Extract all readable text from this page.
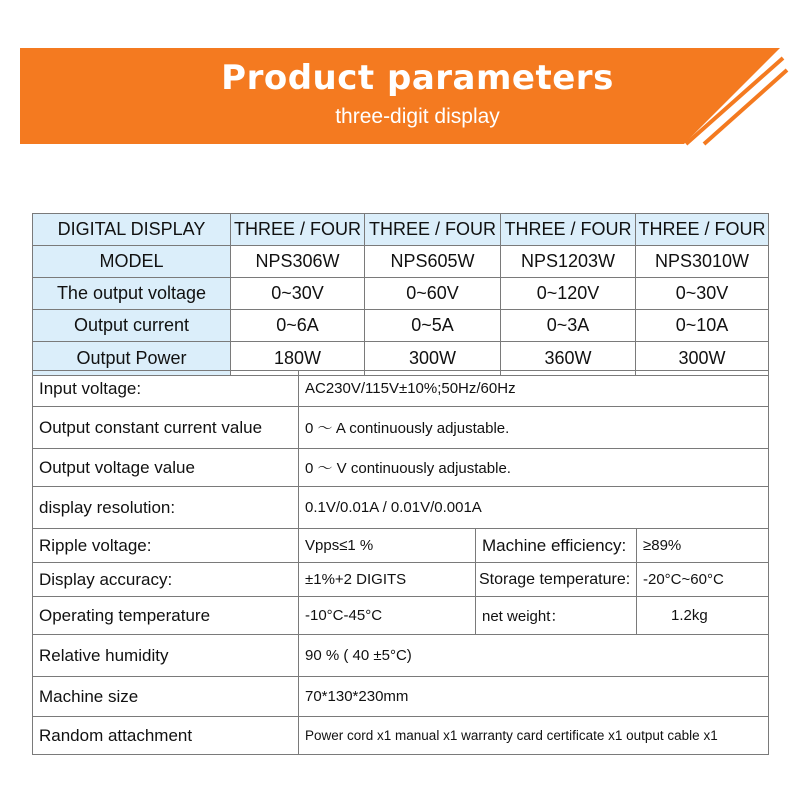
Product parameters
three-digit display
DIGITAL DISPLAY	THREE / FOUR	THREE / FOUR	THREE / FOUR	THREE / FOUR
MODEL	NPS306W	NPS605W	NPS1203W	NPS3010W
The output voltage	0~30V	0~60V	0~120V	0~30V
Output current	0~6A	0~5A	0~3A	0~10A
Output Power	180W	300W	360W	300W
Input voltage:	AC230V/115V±10%;50Hz/60Hz		
Output constant current value	0 ～ A continuously adjustable.		
Output voltage value	0 ～ V continuously adjustable.		
display resolution:	0.1V/0.01A / 0.01V/0.001A		
Ripple voltage:	Vpps≤1 %	Machine efficiency:	≥89%
Display accuracy:	±1%+2 DIGITS	Storage temperature:	-20°C~60°C
Operating temperature	-10°C-45°C	net weight：	1.2kg
Relative humidity	90 % ( 40 ±5°C)		
Machine size	70*130*230mm		
Random attachment	Power cord x1 manual x1 warranty card certificate x1 output cable x1		
